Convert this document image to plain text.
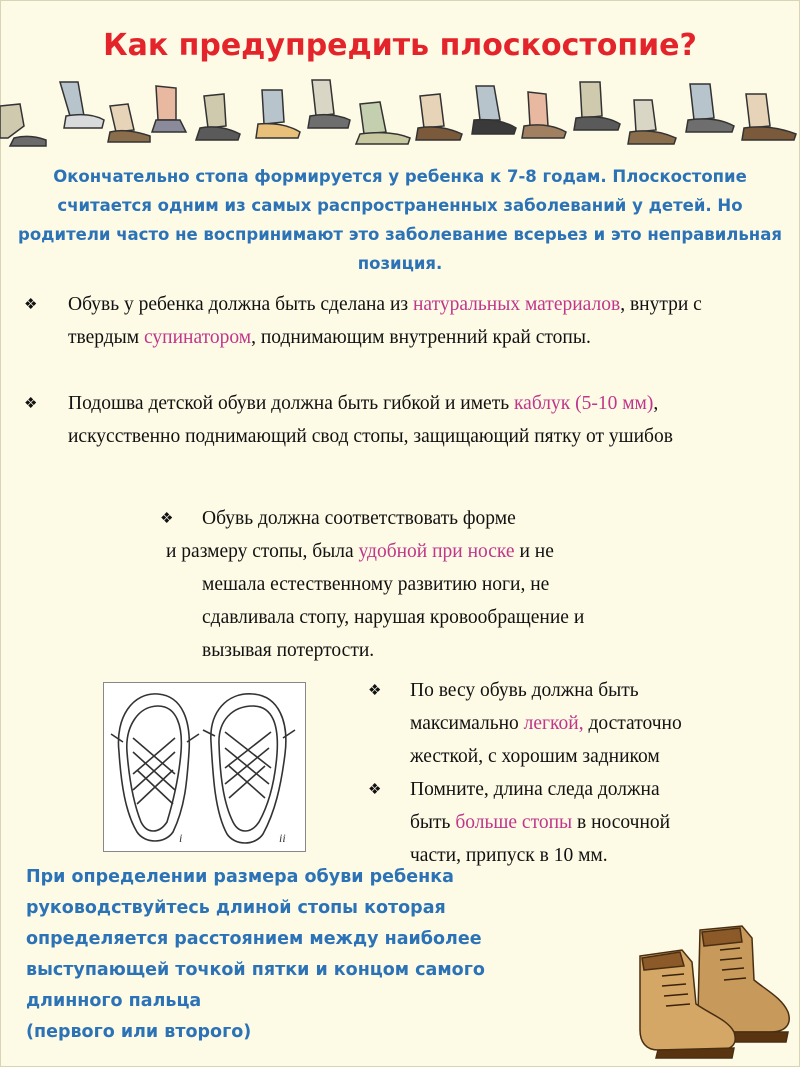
Как предупредить плоскостопие?
Окончательно стопа формируется у ребенка к 7-8 годам. Плоскостопие считается одним из самых распространенных заболеваний у детей. Но родители часто не воспринимают это заболевание всерьез и это неправильная позиция.
❖	Обувь у ребенка должна быть сделана из натуральных материалов, внутри с твердым супинатором, поднимающим внутренний край стопы.
❖	Подошва детской обуви должна быть гибкой и иметь каблук (5-10 мм), искусственно поднимающий свод стопы, защищающий пятку от ушибов
❖	Обувь должна соответствовать форме
и размеру стопы, была удобной при носке и не
мешала естественному развитию ноги, не
сдавливала стопу, нарушая кровообращение и
вызывая потертости.
❖	По весу обувь должна быть
максимально легкой, достаточно
жесткой, с хорошим задником
❖	Помните, длина следа должна
быть больше стопы в носочной
части, припуск в 10 мм.
i	ii
При определении размера обуви ребенка
руководствуйтесь длиной стопы которая
определяется расстоянием между наиболее
выступающей точкой пятки и концом самого
длинного пальца
(первого или второго)
